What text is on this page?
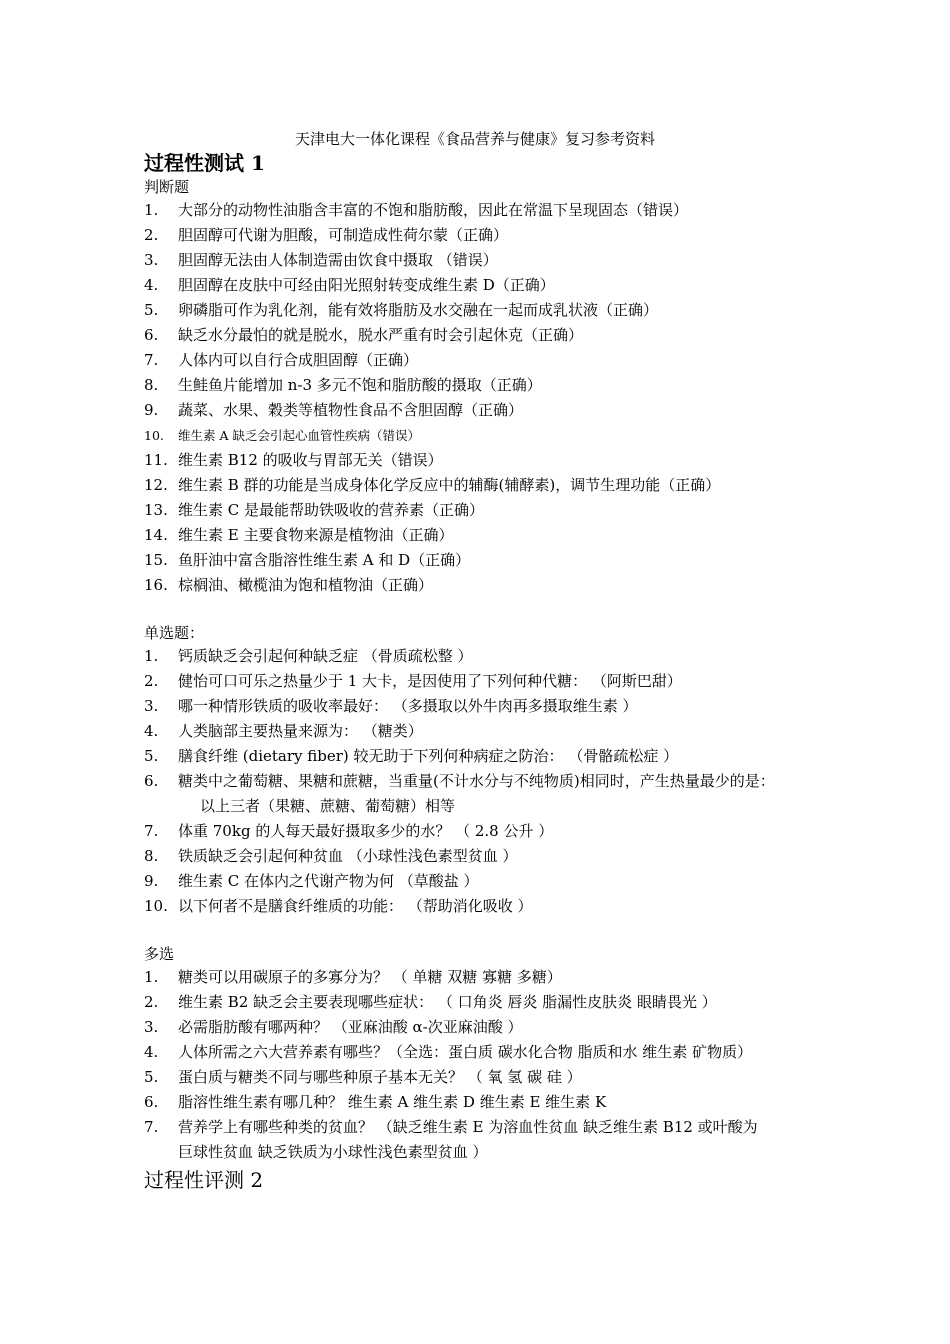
天津电大一体化课程《食品营养与健康》复习参考资料
过程性测试 1
判断题
1.	大部分的动物性油脂含丰富的不饱和脂肪酸，因此在常温下呈现固态（错误）
2.	胆固醇可代谢为胆酸，可制造成性荷尔蒙（正确）
3.	胆固醇无法由人体制造需由饮食中摄取 （错误）
4.	胆固醇在皮肤中可经由阳光照射转变成维生素 D（正确）
5.	卵磷脂可作为乳化剂，能有效将脂肪及水交融在一起而成乳状液（正确）
6.	缺乏水分最怕的就是脱水，脱水严重有时会引起休克（正确）
7.	人体内可以自行合成胆固醇（正确）
8.	生鲑鱼片能增加 n-3 多元不饱和脂肪酸的摄取（正确）
9.	蔬菜、水果、穀类等植物性食品不含胆固醇（正确）
10.	维生素 A 缺乏会引起心血管性疾病（错误）
11. 维生素 B12 的吸收与胃部无关（错误）
12. 维生素 B 群的功能是当成身体化学反应中的辅酶(辅酵素)，调节生理功能（正确）
13. 维生素 C 是最能帮助铁吸收的营养素（正确）
14. 维生素 E 主要食物来源是植物油（正确）
15. 鱼肝油中富含脂溶性维生素 A 和 D（正确）
16. 棕榈油、橄榄油为饱和植物油（正确）
单选题：
1.	钙质缺乏会引起何种缺乏症 （骨质疏松整 ）
2.	健怡可口可乐之热量少于 1 大卡，是因使用了下列何种代糖： （阿斯巴甜）
3.	哪一种情形铁质的吸收率最好： （多摄取以外牛肉再多摄取维生素 ）
4.	人类脑部主要热量来源为： （糖类）
5.	膳食纤维 (dietary fiber) 较无助于下列何种病症之防治： （骨骼疏松症 ）
6.	糖类中之葡萄糖、果糖和蔗糖，当重量(不计水分与不纯物质)相同时，产生热量最少的是：
以上三者（果糖、蔗糖、葡萄糖）相等
7.	体重 70kg 的人每天最好摄取多少的水？ （ 2.8 公升 ）
8.	铁质缺乏会引起何种贫血 （小球性浅色素型贫血 ）
9.	维生素 C 在体内之代谢产物为何 （草酸盐 ）
10. 以下何者不是膳食纤维质的功能： （帮助消化吸收 ）
多选
1.	糖类可以用碳原子的多寡分为？ （ 单糖 双糖 寡糖 多糖）
2.	维生素 B2 缺乏会主要表现哪些症状： （ 口角炎 唇炎 脂漏性皮肤炎 眼睛畏光 ）
3.	必需脂肪酸有哪两种？ （亚麻油酸 α-次亚麻油酸 ）
4.	人体所需之六大营养素有哪些？（全选：蛋白质 碳水化合物 脂质和水 维生素 矿物质）
5.	蛋白质与糖类不同与哪些种原子基本无关？ （ 氧 氢 碳 硅 ）
6.	脂溶性维生素有哪几种？ 维生素 A 维生素 D 维生素 E 维生素 K
7.	营养学上有哪些种类的贫血？ （缺乏维生素 E 为溶血性贫血 缺乏维生素 B12 或叶酸为
巨球性贫血 缺乏铁质为小球性浅色素型贫血 ）
过程性评测 2
